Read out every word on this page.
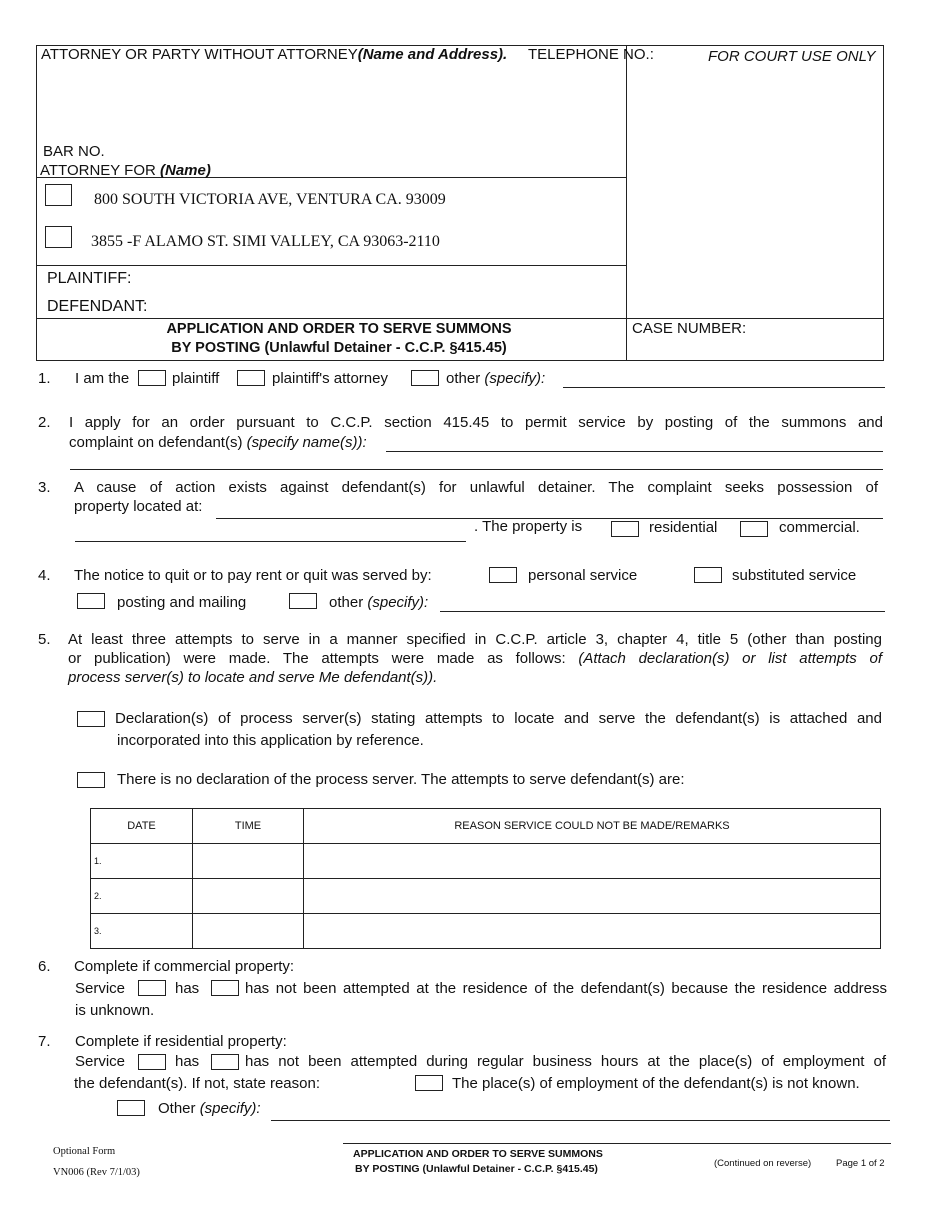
ATTORNEY OR PARTY WITHOUT ATTORNEY(Name and Address). TELEPHONE NO.:	FOR COURT USE ONLY
BAR NO.
ATTORNEY FOR (Name)
800 SOUTH VICTORIA AVE, VENTURA CA. 93009
3855 -F ALAMO ST. SIMI VALLEY, CA 93063-2110
PLAINTIFF:
DEFENDANT:
APPLICATION AND ORDER TO SERVE SUMMONS
BY POSTING (Unlawful Detainer - C.C.P. §415.45)
CASE NUMBER:
1. I am the	plaintiff	plaintiff's attorney	other (specify):
2. I apply for an order pursuant to C.C.P. section 415.45 to permit service by posting of the summons and
complaint on defendant(s) (specify name(s)):
3. A cause of action exists against defendant(s) for unlawful detainer. The complaint seeks possession of
property located at:
. The property is	residential	commercial.
4. The notice to quit or to pay rent or quit was served by:	personal service	substituted service
posting and mailing	other (specify):
5. At least three attempts to serve in a manner specified in C.C.P. article 3, chapter 4, title 5 (other than posting
or publication) were made. The attempts were made as follows: (Attach declaration(s) or list attempts of
process server(s) to locate and serve Me defendant(s)).
Declaration(s) of process server(s) stating attempts to locate and serve the defendant(s) is attached and
incorporated into this application by reference.
There is no declaration of the process server. The attempts to serve defendant(s) are:
DATE	TIME	REASON SERVICE COULD NOT BE MADE/REMARKS
1.		
2.		
3.		
6. Complete if commercial property:
Service	has	has not been attempted at the residence of the defendant(s) because the residence address
is unknown.
7. Complete if residential property:
Service	has	has not been attempted during regular business hours at the place(s) of employment of
the defendant(s). If not, state reason:	The place(s) of employment of the defendant(s) is not known.
Other (specify):
Optional Form
VN006 (Rev 7/1/03)
APPLICATION AND ORDER TO SERVE SUMMONS
BY POSTING (Unlawful Detainer - C.C.P. §415.45)	(Continued on reverse)	Page 1 of 2
